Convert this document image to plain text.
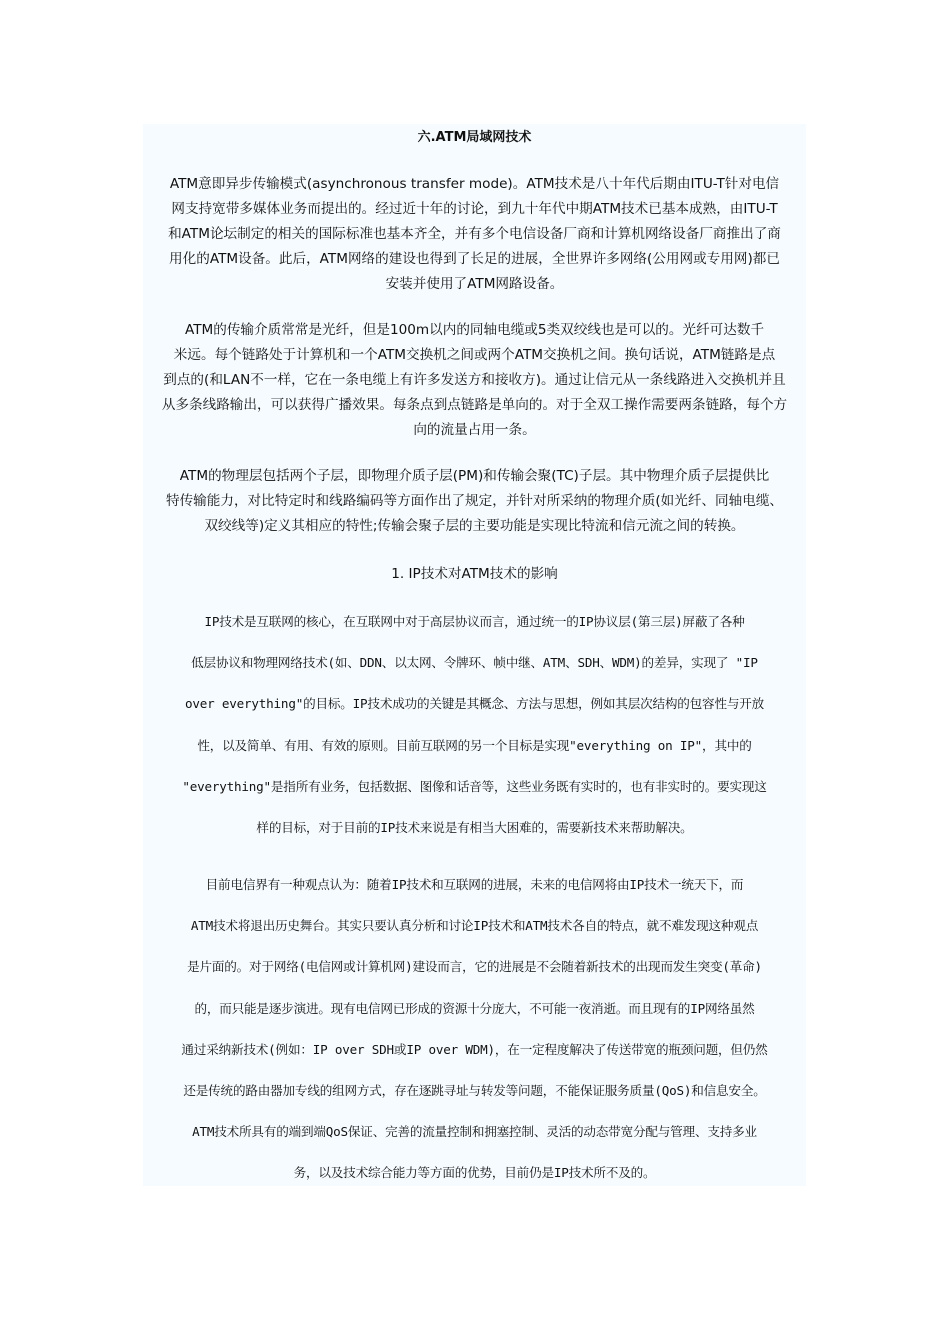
六.ATM局域网技术
ATM意即异步传输模式(asynchronous transfer mode)。ATM技术是八十年代后期由ITU-T针对电信
网支持宽带多媒体业务而提出的。经过近十年的讨论，到九十年代中期ATM技术已基本成熟，由ITU-T
和ATM论坛制定的相关的国际标准也基本齐全，并有多个电信设备厂商和计算机网络设备厂商推出了商
用化的ATM设备。此后，ATM网络的建设也得到了长足的进展，全世界许多网络(公用网或专用网)都已
安装并使用了ATM网路设备。
ATM的传输介质常常是光纤，但是100m以内的同轴电缆或5类双绞线也是可以的。光纤可达数千
米远。每个链路处于计算机和一个ATM交换机之间或两个ATM交换机之间。换句话说，ATM链路是点
到点的(和LAN不一样，它在一条电缆上有许多发送方和接收方)。通过让信元从一条线路进入交换机并且
从多条线路输出，可以获得广播效果。每条点到点链路是单向的。对于全双工操作需要两条链路，每个方
向的流量占用一条。
ATM的物理层包括两个子层，即物理介质子层(PM)和传输会聚(TC)子层。其中物理介质子层提供比
特传输能力，对比特定时和线路编码等方面作出了规定，并针对所采纳的物理介质(如光纤、同轴电缆、
双绞线等)定义其相应的特性;传输会聚子层的主要功能是实现比特流和信元流之间的转换。
1. IP技术对ATM技术的影响
IP技术是互联网的核心，在互联网中对于高层协议而言，通过统一的IP协议层(第三层)屏蔽了各种
低层协议和物理网络技术(如、DDN、以太网、令牌环、帧中继、ATM、SDH、WDM)的差异，实现了 "IP
over everything"的目标。IP技术成功的关键是其概念、方法与思想，例如其层次结构的包容性与开放
性，以及简单、有用、有效的原则。目前互联网的另一个目标是实现"everything on IP"，其中的
"everything"是指所有业务，包括数据、图像和话音等，这些业务既有实时的，也有非实时的。要实现这
样的目标，对于目前的IP技术来说是有相当大困难的，需要新技术来帮助解决。
目前电信界有一种观点认为：随着IP技术和互联网的进展，未来的电信网将由IP技术一统天下，而
ATM技术将退出历史舞台。其实只要认真分析和讨论IP技术和ATM技术各自的特点，就不难发现这种观点
是片面的。对于网络(电信网或计算机网)建设而言，它的进展是不会随着新技术的出现而发生突变(革命)
的，而只能是逐步演进。现有电信网已形成的资源十分庞大，不可能一夜消逝。而且现有的IP网络虽然
通过采纳新技术(例如：IP over SDH或IP over WDM)，在一定程度解决了传送带宽的瓶颈问题，但仍然
还是传统的路由器加专线的组网方式，存在逐跳寻址与转发等问题，不能保证服务质量(QoS)和信息安全。
ATM技术所具有的端到端QoS保证、完善的流量控制和拥塞控制、灵活的动态带宽分配与管理、支持多业
务，以及技术综合能力等方面的优势，目前仍是IP技术所不及的。
